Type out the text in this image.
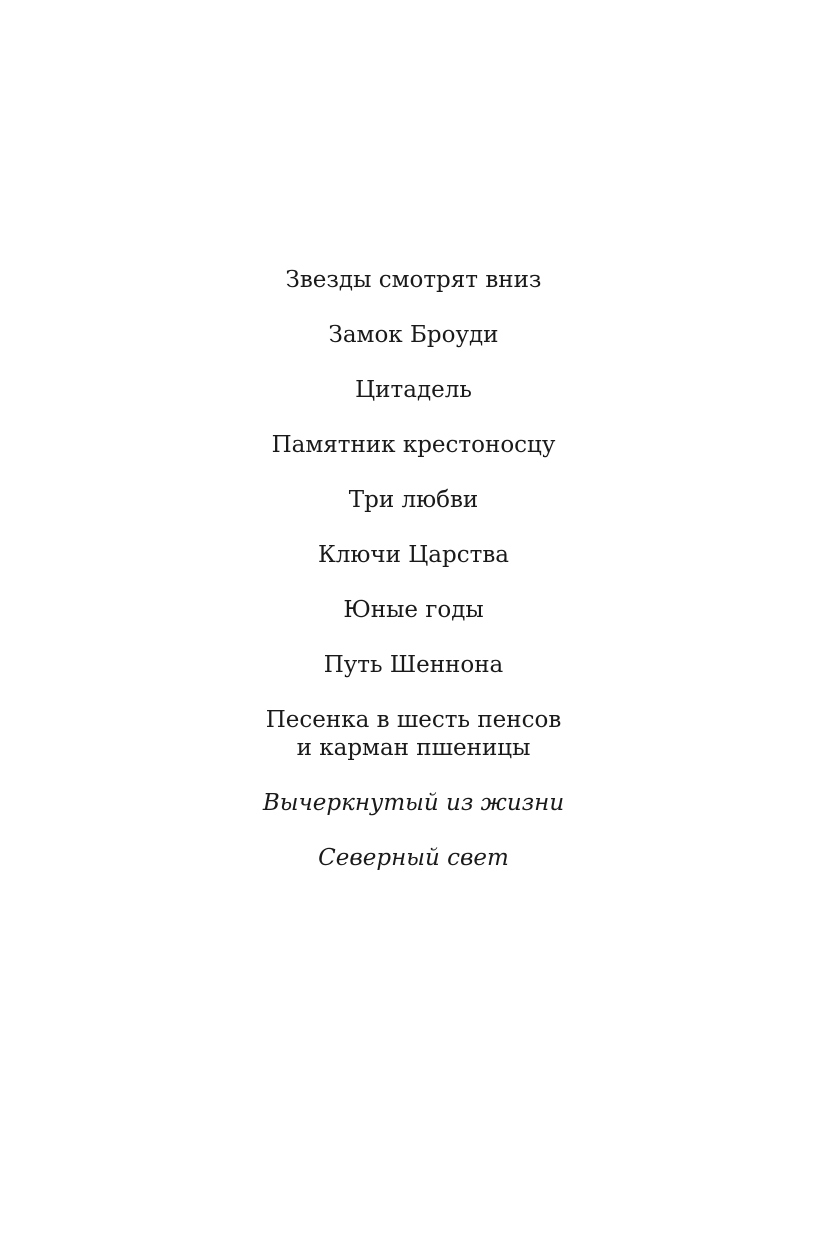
Звезды смотрят вниз
Замок Броуди
Цитадель
Памятник крестоносцу
Три любви
Ключи Царства
Юные годы
Путь Шеннона
Песенка в шесть пенсов
и карман пшеницы
Вычеркнутый из жизни
Северный свет
